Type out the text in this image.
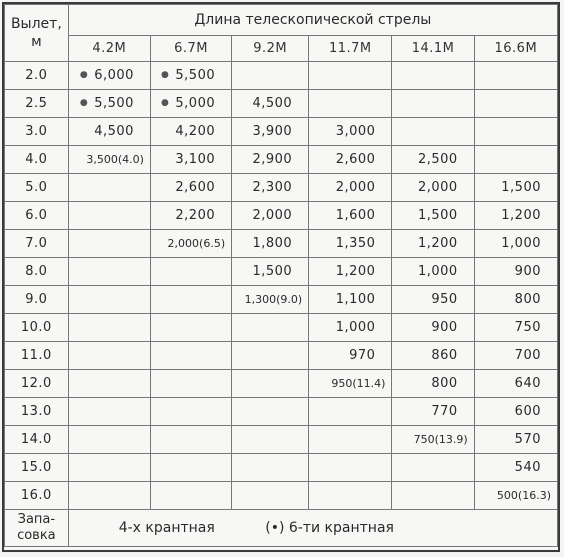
Вылет,
м	Длина телескопической стрелы					
	4.2M	6.7M	9.2M	11.7M	14.1M	16.6M
2.0	● 6,000	● 5,500				
2.5	● 5,500	● 5,000	4,500			
3.0	4,500	4,200	3,900	3,000		
4.0	3,500(4.0)	3,100	2,900	2,600	2,500	
5.0		2,600	2,300	2,000	2,000	1,500
6.0		2,200	2,000	1,600	1,500	1,200
7.0		2,000(6.5)	1,800	1,350	1,200	1,000
8.0			1,500	1,200	1,000	900
9.0			1,300(9.0)	1,100	950	800
10.0				1,000	900	750
11.0				970	860	700
12.0				950(11.4)	800	640
13.0					770	600
14.0					750(13.9)	570
15.0						540
16.0						500(16.3)
Запа-
совка	4-х крантная (•) 6-ти крантная					
